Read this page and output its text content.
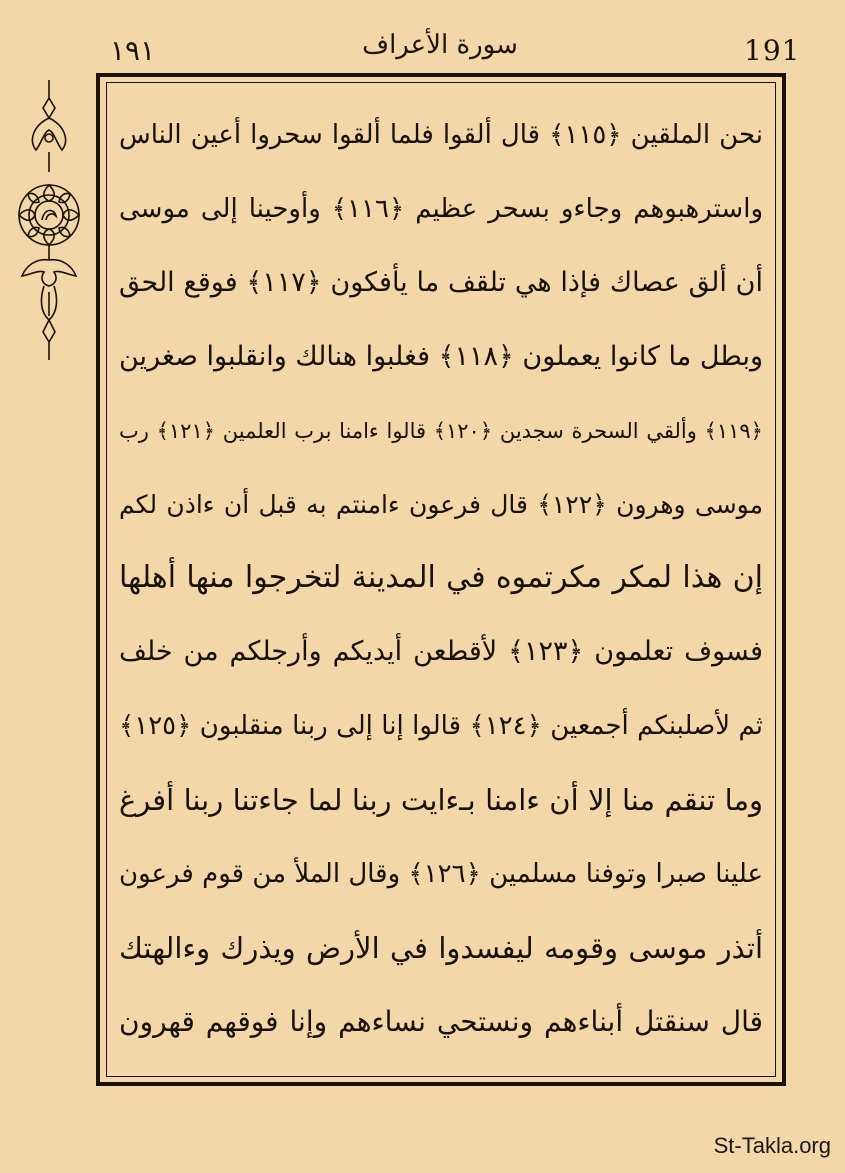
١٩١	سورة الأعراف	191
نحن الملقين ﴿١١٥﴾ قال ألقوا فلما ألقوا سحروا أعين الناس
واسترهبوهم وجاءو بسحر عظيم ﴿١١٦﴾ وأوحينا إلى موسى
أن ألق عصاك فإذا هي تلقف ما يأفكون ﴿١١٧﴾ فوقع الحق
وبطل ما كانوا يعملون ﴿١١٨﴾ فغلبوا هنالك وانقلبوا صغرين
﴿١١٩﴾ وألقي السحرة سجدين ﴿١٢٠﴾ قالوا ءامنا برب العلمين ﴿١٢١﴾ رب
موسى وهرون ﴿١٢٢﴾ قال فرعون ءامنتم به قبل أن ءاذن لكم
إن هذا لمكر مكرتموه في المدينة لتخرجوا منها أهلها
فسوف تعلمون ﴿١٢٣﴾ لأقطعن أيديكم وأرجلكم من خلف
ثم لأصلبنكم أجمعين ﴿١٢٤﴾ قالوا إنا إلى ربنا منقلبون ﴿١٢٥﴾
وما تنقم منا إلا أن ءامنا بـءايت ربنا لما جاءتنا ربنا أفرغ
علينا صبرا وتوفنا مسلمين ﴿١٢٦﴾ وقال الملأ من قوم فرعون
أتذر موسى وقومه ليفسدوا في الأرض ويذرك وءالهتك
قال سنقتل أبناءهم ونستحي نساءهم وإنا فوقهم قهرون
St-Takla.org
